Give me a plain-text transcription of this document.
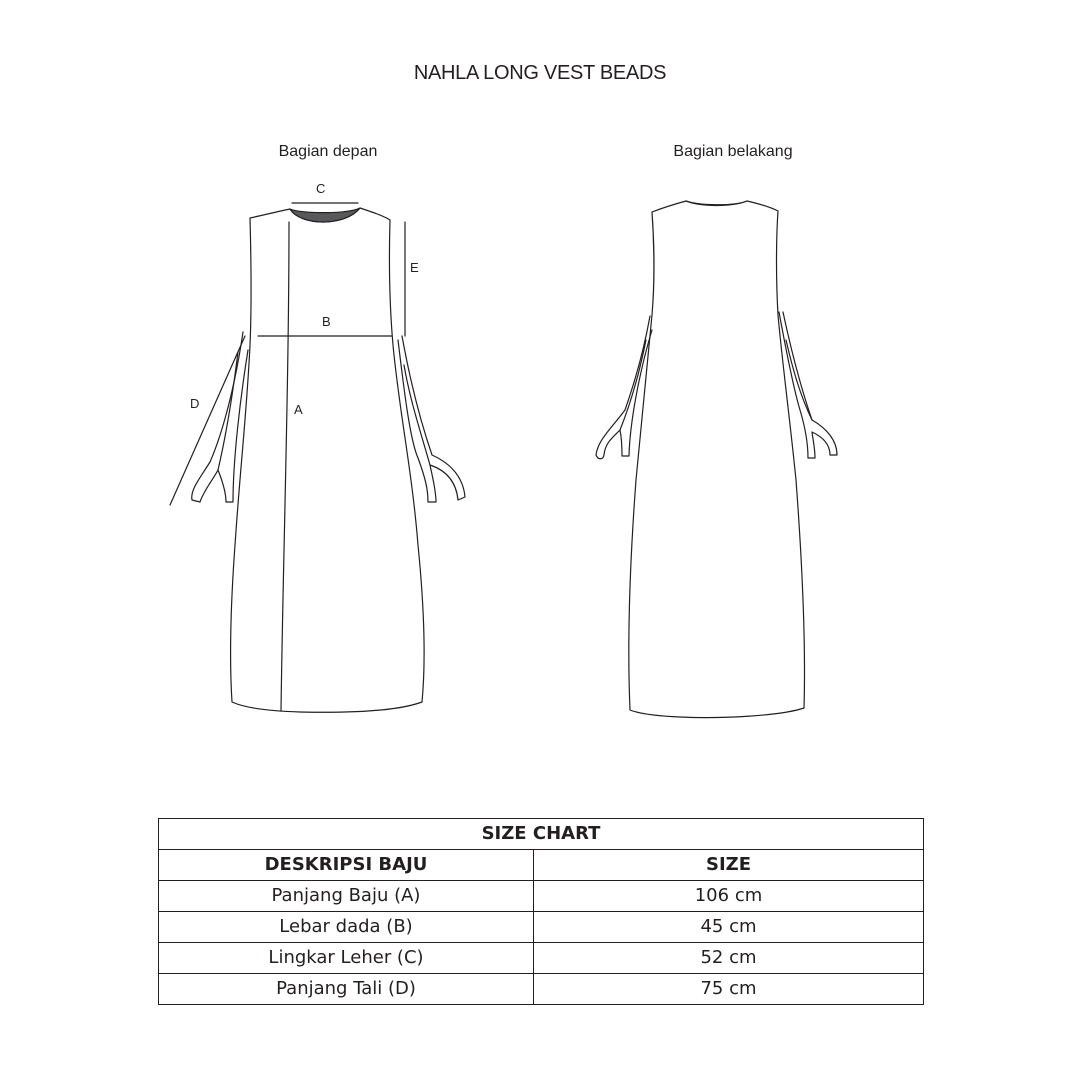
NAHLA LONG VEST BEADS
Bagian depan	Bagian belakang
C
E
B
D	A
SIZE CHART	
DESKRIPSI BAJU	SIZE
Panjang Baju (A)	106 cm
Lebar dada (B)	45 cm
Lingkar Leher (C)	52 cm
Panjang Tali (D)	75 cm
